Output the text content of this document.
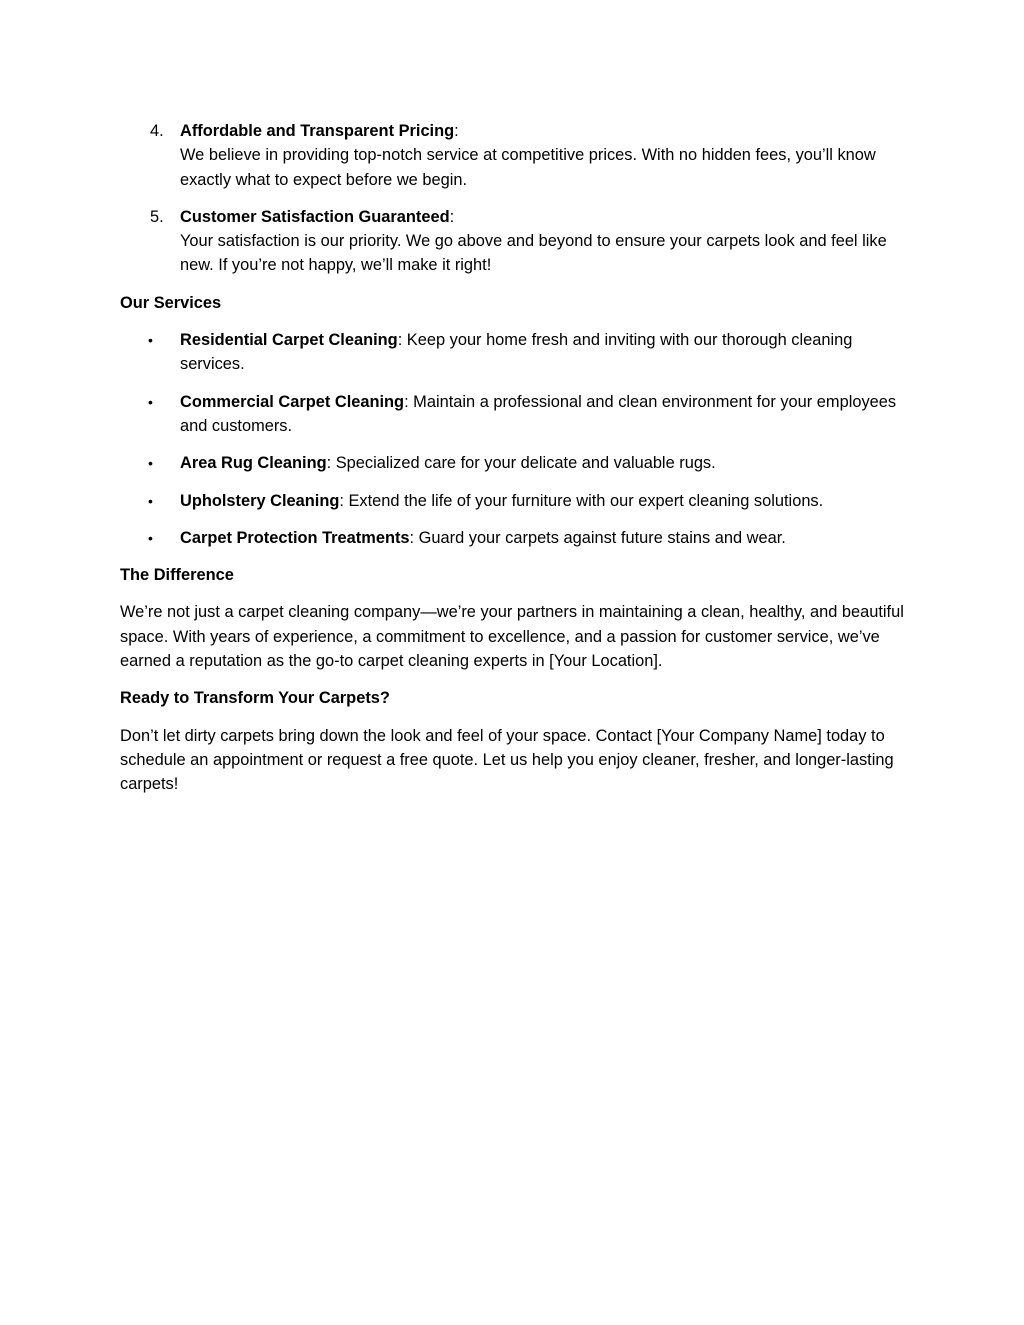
4. Affordable and Transparent Pricing:
We believe in providing top-notch service at competitive prices. With no hidden fees, you’ll know exactly what to expect before we begin.
5. Customer Satisfaction Guaranteed:
Your satisfaction is our priority. We go above and beyond to ensure your carpets look and feel like new. If you’re not happy, we’ll make it right!

Our Services

• Residential Carpet Cleaning: Keep your home fresh and inviting with our thorough cleaning services.
• Commercial Carpet Cleaning: Maintain a professional and clean environment for your employees and customers.
• Area Rug Cleaning: Specialized care for your delicate and valuable rugs.
• Upholstery Cleaning: Extend the life of your furniture with our expert cleaning solutions.
• Carpet Protection Treatments: Guard your carpets against future stains and wear.

The Difference

We’re not just a carpet cleaning company—we’re your partners in maintaining a clean, healthy, and beautiful space. With years of experience, a commitment to excellence, and a passion for customer service, we’ve earned a reputation as the go-to carpet cleaning experts in [Your Location].

Ready to Transform Your Carpets?

Don’t let dirty carpets bring down the look and feel of your space. Contact [Your Company Name] today to schedule an appointment or request a free quote. Let us help you enjoy cleaner, fresher, and longer-lasting carpets!
